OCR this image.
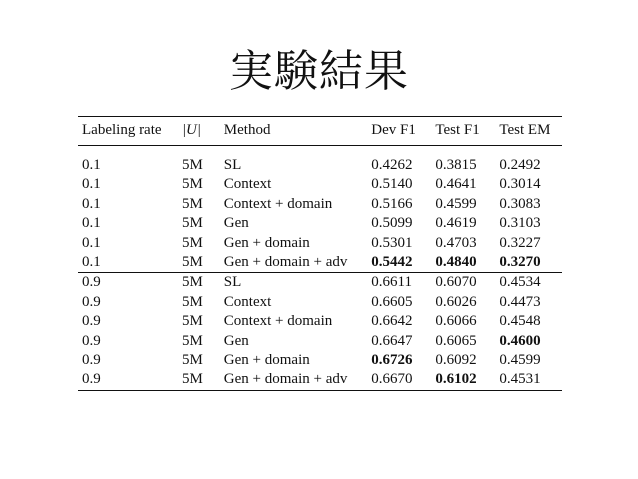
実験結果
Labeling rate	|U|	Method	Dev F1	Test F1	Test EM
0.1	5M	SL	0.4262	0.3815	0.2492
0.1	5M	Context	0.5140	0.4641	0.3014
0.1	5M	Context + domain	0.5166	0.4599	0.3083
0.1	5M	Gen	0.5099	0.4619	0.3103
0.1	5M	Gen + domain	0.5301	0.4703	0.3227
0.1	5M	Gen + domain + adv	0.5442	0.4840	0.3270
0.9	5M	SL	0.6611	0.6070	0.4534
0.9	5M	Context	0.6605	0.6026	0.4473
0.9	5M	Context + domain	0.6642	0.6066	0.4548
0.9	5M	Gen	0.6647	0.6065	0.4600
0.9	5M	Gen + domain	0.6726	0.6092	0.4599
0.9	5M	Gen + domain + adv	0.6670	0.6102	0.4531
